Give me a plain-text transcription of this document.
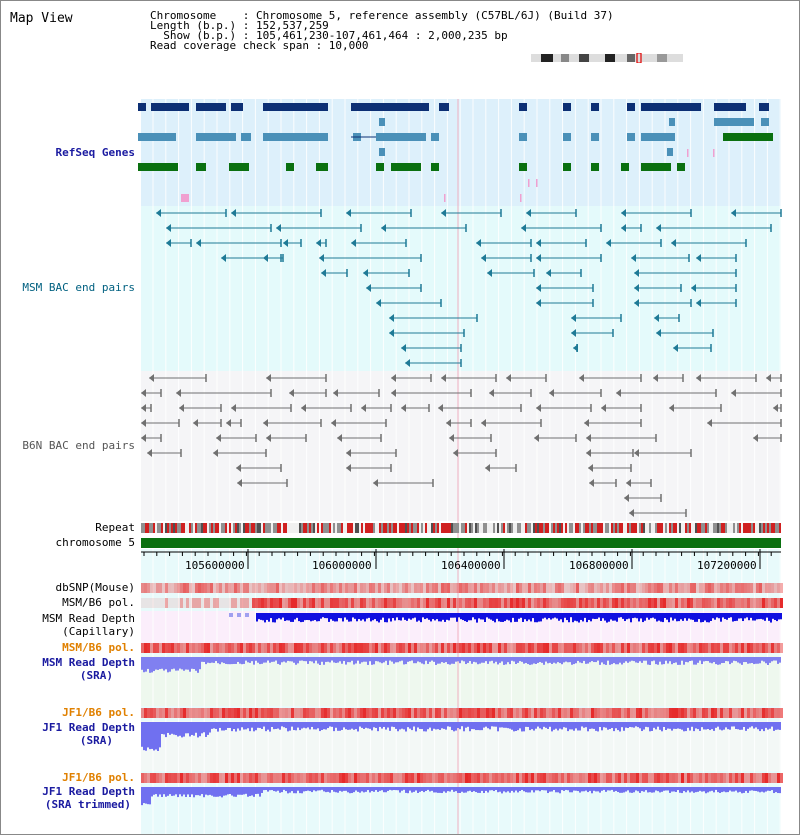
Map View	Chromosome    : Chromosome 5, reference assembly (C57BL/6J) (Build 37)
Length (b.p.) : 152,537,259
Show (b.p.) : 105,461,230-107,461,464 : 2,000,235 bp
Read coverage check span : 10,000
RefSeq Genes
MSM BAC end pairs
B6N BAC end pairs
Repeat
chromosome 5
dbSNP(Mouse)
MSM/B6 pol.
MSM Read Depth
(Capillary)
MSM/B6 pol.
MSM Read Depth
(SRA)
JF1/B6 pol.
JF1 Read Depth
(SRA)
JF1/B6 pol.
JF1 Read Depth
(SRA trimmed)
105600000	106000000	106400000	106800000	107200000
